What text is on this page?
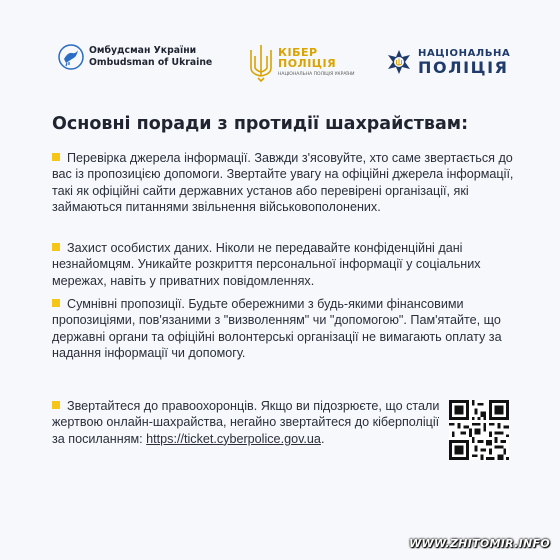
Омбудсман України
Ombudsman of Ukraine
КІБЕР
ПОЛІЦІЯ
НАЦІОНАЛЬНА ПОЛІЦІЯ УКРАЇНИ
НАЦІОНАЛЬНА
ПОЛІЦІЯ
Основні поради з протидії шахрайствам:
Перевірка джерела інформації. Завжди з'ясовуйте, хто саме звертається до вас із пропозицією допомоги. Звертайте увагу на офіційні джерела інформації, такі як офіційні сайти державних установ або перевірені організації, які займаються питаннями звільнення військовополонених.
Захист особистих даних. Ніколи не передавайте конфіденційні дані незнайомцям. Уникайте розкриття персональної інформації у соціальних мережах, навіть у приватних повідомленнях.
Сумнівні пропозиції. Будьте обережними з будь-якими фінансовими пропозиціями, пов'язаними з "визволенням" чи "допомогою". Пам'ятайте, що державні органи та офіційні волонтерські організації не вимагають оплату за надання інформації чи допомогу.
Звертайтеся до правоохоронців. Якщо ви підозрюєте, що стали жертвою онлайн-шахрайства, негайно звертайтеся до кіберполіції за посиланням: https://ticket.cyberpolice.gov.ua.
WWW.ZHITOMIR.INFO
